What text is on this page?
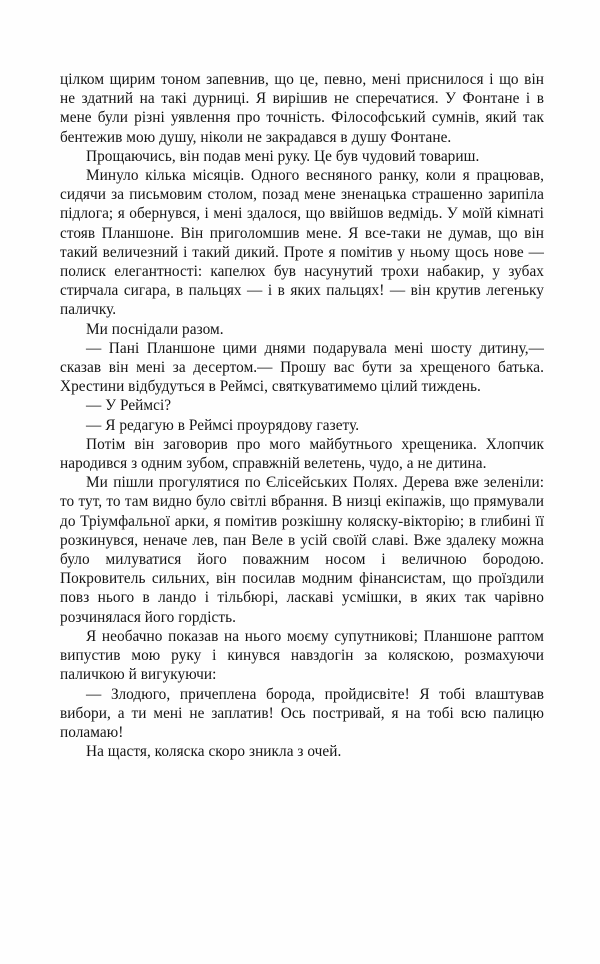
цілком щирим тоном запевнив, що це, певно, мені приснилося і що він не здатний на такі дурниці. Я вирішив не сперечатися. У Фонтане і в мене були різні уявлення про точність. Філософський сумнів, який так бентежив мою душу, ніколи не закрадався в душу Фонтане.

Прощаючись, він подав мені руку. Це був чудовий товариш.

Минуло кілька місяців. Одного весняного ранку, коли я працював, сидячи за письмовим столом, позад мене зненацька страшенно зарипіла підлога; я обернувся, і мені здалося, що ввійшов ведмідь. У моїй кімнаті стояв Планшоне. Він приголомшив мене. Я все-таки не думав, що він такий величезний і такий дикий. Проте я помітив у ньому щось нове — полиск елегантності: капелюх був насунутий трохи набакир, у зубах стирчала сигара, в пальцях — і в яких пальцях! — він крутив легеньку паличку.

Ми поснідали разом.

— Пані Планшоне цими днями подарувала мені шосту дитину,— сказав він мені за десертом.— Прошу вас бути за хрещеного батька. Хрестини відбудуться в Реймсі, святкуватимемо цілий тиждень.

— У Реймсі?

— Я редагую в Реймсі проурядову газету.

Потім він заговорив про мого майбутнього хрещеника. Хлопчик народився з одним зубом, справжній велетень, чудо, а не дитина.

Ми пішли прогулятися по Єлісейських Полях. Дерева вже зеленіли: то тут, то там видно було світлі вбрання. В низці екіпажів, що прямували до Тріумфальної арки, я помітив розкішну коляску-вікторію; в глибині її розкинувся, неначе лев, пан Веле в усій своїй славі. Вже здалеку можна було милуватися його поважним носом і величною бородою. Покровитель сильних, він посилав модним фінансистам, що проїздили повз нього в ландо і тільбюрі, ласкаві усмішки, в яких так чарівно розчинялася його гордість.

Я необачно показав на нього моєму супутникові; Планшоне раптом випустив мою руку і кинувся навздогін за коляскою, розмахуючи паличкою й вигукуючи:

— Злодюго, причеплена борода, пройдисвіте! Я тобі влаштував вибори, а ти мені не заплатив! Ось постривай, я на тобі всю палицю поламаю!

На щастя, коляска скоро зникла з очей.
